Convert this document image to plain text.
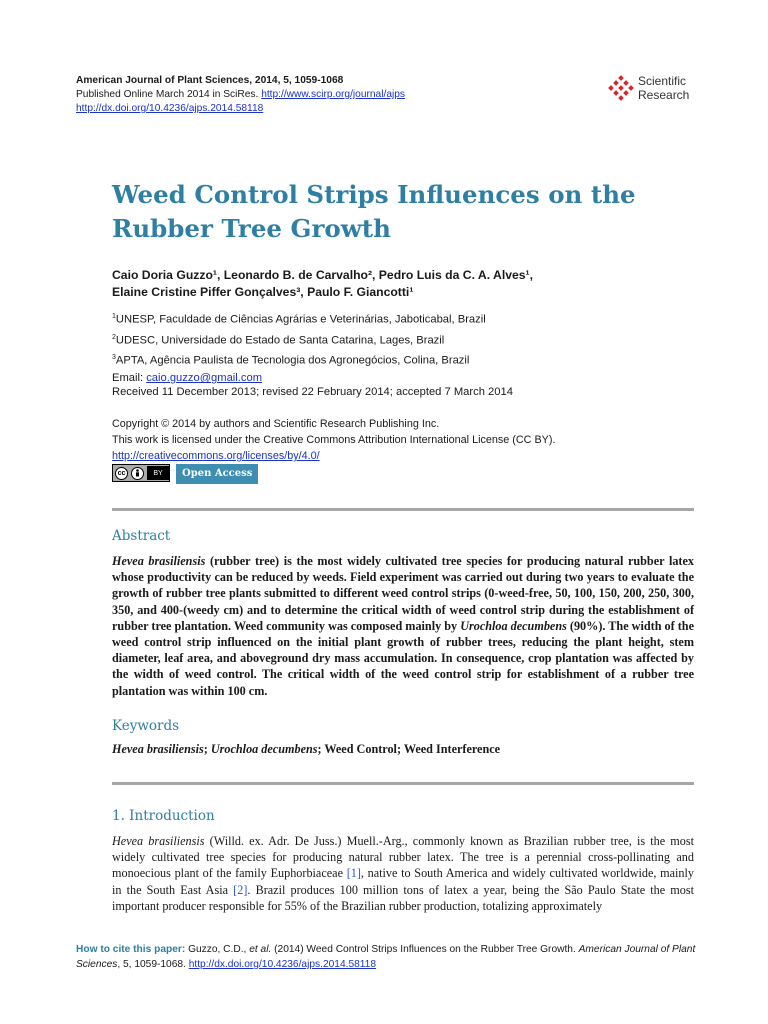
American Journal of Plant Sciences, 2014, 5, 1059-1068
Published Online March 2014 in SciRes. http://www.scirp.org/journal/ajps
http://dx.doi.org/10.4236/ajps.2014.58118
Scientific
Research
Weed Control Strips Influences on the Rubber Tree Growth
Caio Doria Guzzo¹, Leonardo B. de Carvalho², Pedro Luis da C. A. Alves¹,
Elaine Cristine Piffer Gonçalves³, Paulo F. Giancotti¹
$^1$UNESP, Faculdade de Ciências Agrárias e Veterinárias, Jaboticabal, Brazil
$^2$UDESC, Universidade do Estado de Santa Catarina, Lages, Brazil
$^3$APTA, Agência Paulista de Tecnologia dos Agronegócios, Colina, Brazil
Email: caio.guzzo@gmail.com
Received 11 December 2013; revised 22 February 2014; accepted 7 March 2014
Copyright © 2014 by authors and Scientific Research Publishing Inc.
This work is licensed under the Creative Commons Attribution International License (CC BY).
http://creativecommons.org/licenses/by/4.0/
cc	BY	Open Access
Abstract

Hevea brasiliensis (rubber tree) is the most widely cultivated tree species for producing natural rubber latex whose productivity can be reduced by weeds. Field experiment was carried out during two years to evaluate the growth of rubber tree plants submitted to different weed control strips (0-weed-free, 50, 100, 150, 200, 250, 300, 350, and 400-(weedy cm) and to determine the critical width of weed control strip during the establishment of rubber tree plantation. Weed community was composed mainly by Urochloa decumbens (90%). The width of the weed control strip influenced on the initial plant growth of rubber trees, reducing the plant height, stem diameter, leaf area, and aboveground dry mass accumulation. In consequence, crop plantation was affected by the width of weed control. The critical width of the weed control strip for establishment of a rubber tree plantation was within 100 cm.

Keywords
Hevea brasiliensis; Urochloa decumbens; Weed Control; Weed Interference
1. Introduction

Hevea brasiliensis (Willd. ex. Adr. De Juss.) Muell.-Arg., commonly known as Brazilian rubber tree, is the most widely cultivated tree species for producing natural rubber latex. The tree is a perennial cross-pollinating and monoecious plant of the family Euphorbiaceae [1], native to South America and widely cultivated worldwide, mainly in the South East Asia [2]. Brazil produces 100 million tons of latex a year, being the São Paulo State the most important producer responsible for 55% of the Brazilian rubber production, totalizing approximately

How to cite this paper: Guzzo, C.D., et al. (2014) Weed Control Strips Influences on the Rubber Tree Growth. American Journal of Plant Sciences, 5, 1059-1068. http://dx.doi.org/10.4236/ajps.2014.58118
